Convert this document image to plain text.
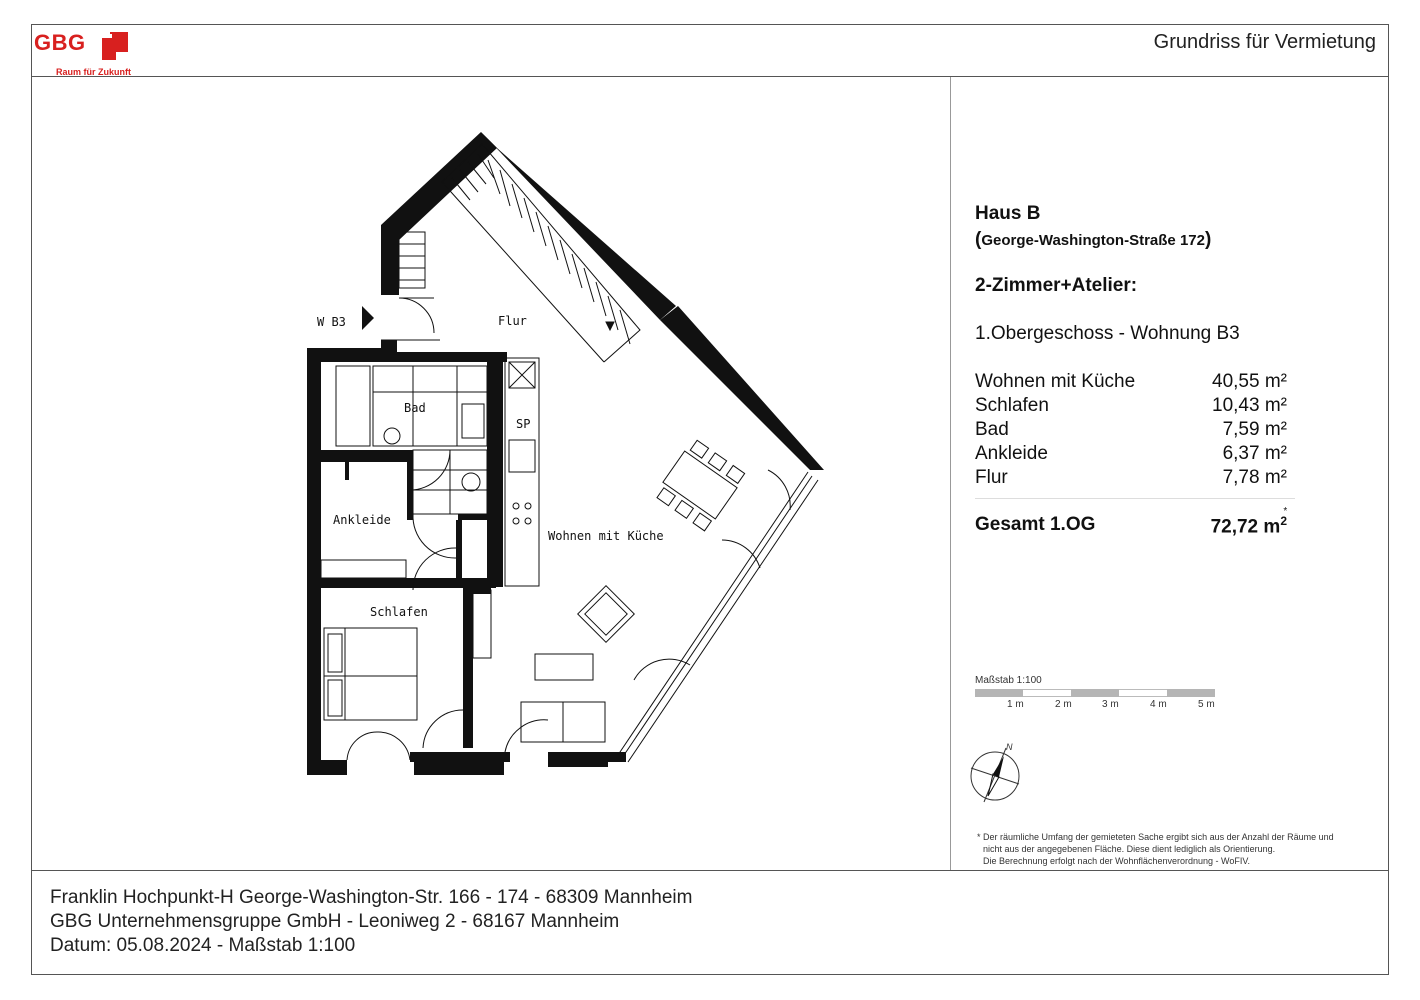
GBG
Raum für Zukunft
Grundriss für Vermietung
W B3	Flur
Bad
SP
Ankleide
Wohnen mit Küche
Schlafen
Haus B
(George-Washington-Straße 172)
2-Zimmer+Atelier:
1.Obergeschoss - Wohnung B3
Wohnen mit Küche	40,55 m²
Schlafen	10,43 m²
Bad	7,59 m²
Ankleide	6,37 m²
Flur	7,78 m²
Gesamt 1.OG	72,72 $m^{2 *}$
Maßstab 1:100
1 m	2 m	3 m	4 m	5 m
N
* Der räumliche Umfang der gemieteten Sache ergibt sich aus der Anzahl der Räume und
nicht aus der angegebenen Fläche. Diese dient lediglich als Orientierung.
Die Berechnung erfolgt nach der Wohnflächenverordnung - WoFIV.
Franklin Hochpunkt-H George-Washington-Str. 166 - 174 - 68309 Mannheim
GBG Unternehmensgruppe GmbH - Leoniweg 2 - 68167 Mannheim
Datum: 05.08.2024 - Maßstab 1:100
